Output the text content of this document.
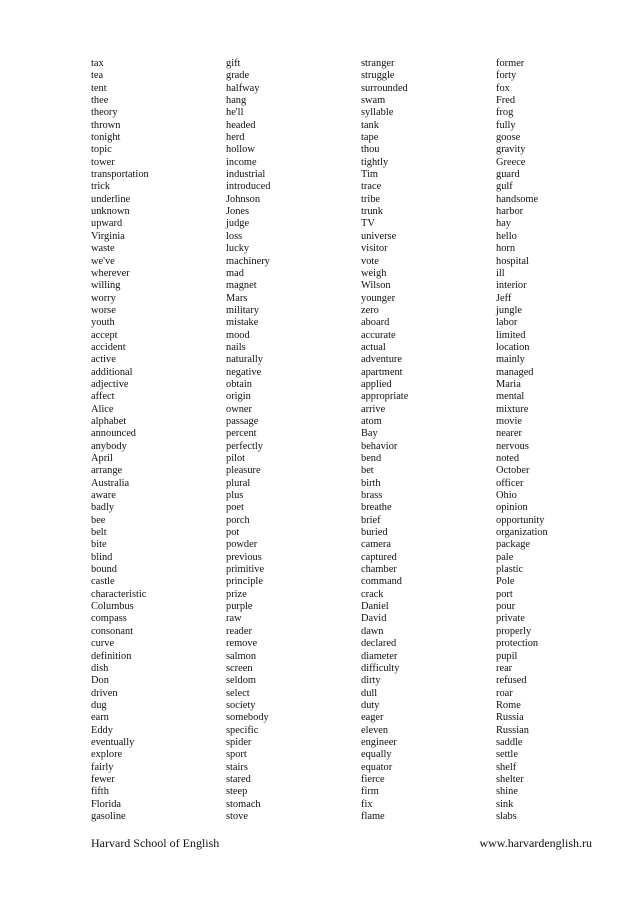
tax
tea
tent
thee
theory
thrown
tonight
topic
tower
transportation
trick
underline
unknown
upward
Virginia
waste
we've
wherever
willing
worry
worse
youth
accept
accident
active
additional
adjective
affect
Alice
alphabet
announced
anybody
April
arrange
Australia
aware
badly
bee
belt
bite
blind
bound
castle
characteristic
Columbus
compass
consonant
curve
definition
dish
Don
driven
dug
earn
Eddy
eventually
explore
fairly
fewer
fifth
Florida
gasoline
gift
grade
halfway
hang
he'll
headed
herd
hollow
income
industrial
introduced
Johnson
Jones
judge
loss
lucky
machinery
mad
magnet
Mars
military
mistake
mood
nails
naturally
negative
obtain
origin
owner
passage
percent
perfectly
pilot
pleasure
plural
plus
poet
porch
pot
powder
previous
primitive
principle
prize
purple
raw
reader
remove
salmon
screen
seldom
select
society
somebody
specific
spider
sport
stairs
stared
steep
stomach
stove
stranger
struggle
surrounded
swam
syllable
tank
tape
thou
tightly
Tim
trace
tribe
trunk
TV
universe
visitor
vote
weigh
Wilson
younger
zero
aboard
accurate
actual
adventure
apartment
applied
appropriate
arrive
atom
Bay
behavior
bend
bet
birth
brass
breathe
brief
buried
camera
captured
chamber
command
crack
Daniel
David
dawn
declared
diameter
difficulty
dirty
dull
duty
eager
eleven
engineer
equally
equator
fierce
firm
fix
flame
former
forty
fox
Fred
frog
fully
goose
gravity
Greece
guard
gulf
handsome
harbor
hay
hello
horn
hospital
ill
interior
Jeff
jungle
labor
limited
location
mainly
managed
Maria
mental
mixture
movie
nearer
nervous
noted
October
officer
Ohio
opinion
opportunity
organization
package
pale
plastic
Pole
port
pour
private
properly
protection
pupil
rear
refused
roar
Rome
Russia
Russian
saddle
settle
shelf
shelter
shine
sink
slabs
Harvard School of English	www.harvardenglish.ru
